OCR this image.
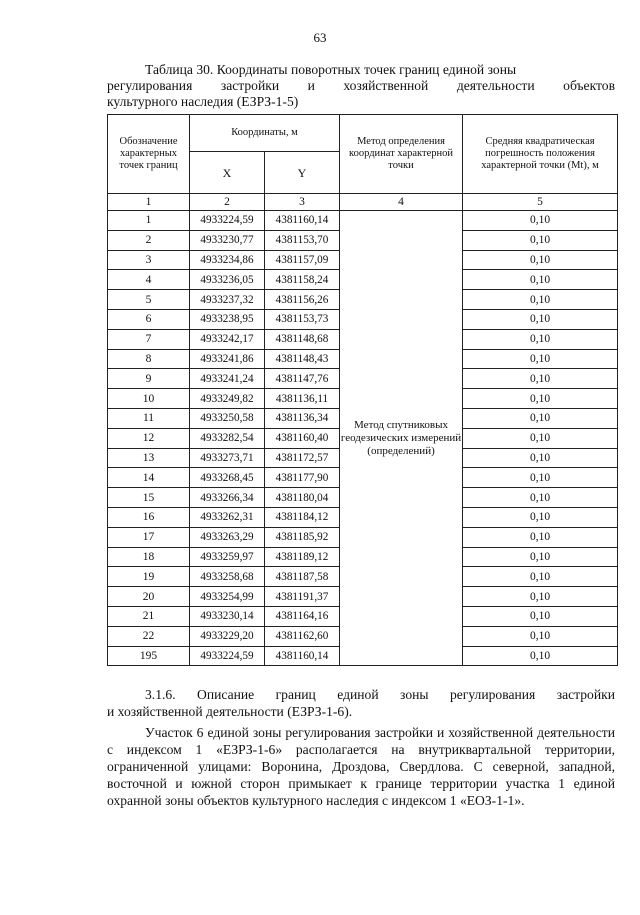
63
Таблица 30. Координаты поворотных точек границ единой зоны
регулирования застройки и хозяйственной деятельности объектов
культурного наследия (ЕЗРЗ-1-5)
Обозначение характерных точек границ	Координаты, м		Метод определения координат характерной точки	Средняя квадратическая погрешность положения характерной точки (Mt), м
	X	Y		
1	2	3	4	5
1	4933224,59	4381160,14	Метод спутниковых геодезических измерений (определений)	0,10
2	4933230,77	4381153,70		0,10
3	4933234,86	4381157,09		0,10
4	4933236,05	4381158,24		0,10
5	4933237,32	4381156,26		0,10
6	4933238,95	4381153,73		0,10
7	4933242,17	4381148,68		0,10
8	4933241,86	4381148,43		0,10
9	4933241,24	4381147,76		0,10
10	4933249,82	4381136,11		0,10
11	4933250,58	4381136,34		0,10
12	4933282,54	4381160,40		0,10
13	4933273,71	4381172,57		0,10
14	4933268,45	4381177,90		0,10
15	4933266,34	4381180,04		0,10
16	4933262,31	4381184,12		0,10
17	4933263,29	4381185,92		0,10
18	4933259,97	4381189,12		0,10
19	4933258,68	4381187,58		0,10
20	4933254,99	4381191,37		0,10
21	4933230,14	4381164,16		0,10
22	4933229,20	4381162,60		0,10
195	4933224,59	4381160,14		0,10

3.1.6. Описание границ единой зоны регулирования застройки

и хозяйственной деятельности (ЕЗРЗ-1-6).

Участок 6 единой зоны регулирования застройки и хозяйственной деятельности с индексом 1 «ЕЗРЗ-1-6» располагается на внутриквартальной территории, ограниченной улицами: Воронина, Дроздова, Свердлова. С северной, западной, восточной и южной сторон примыкает к границе территории участка 1 единой охранной зоны объектов культурного наследия с индексом 1 «ЕОЗ-1-1».
